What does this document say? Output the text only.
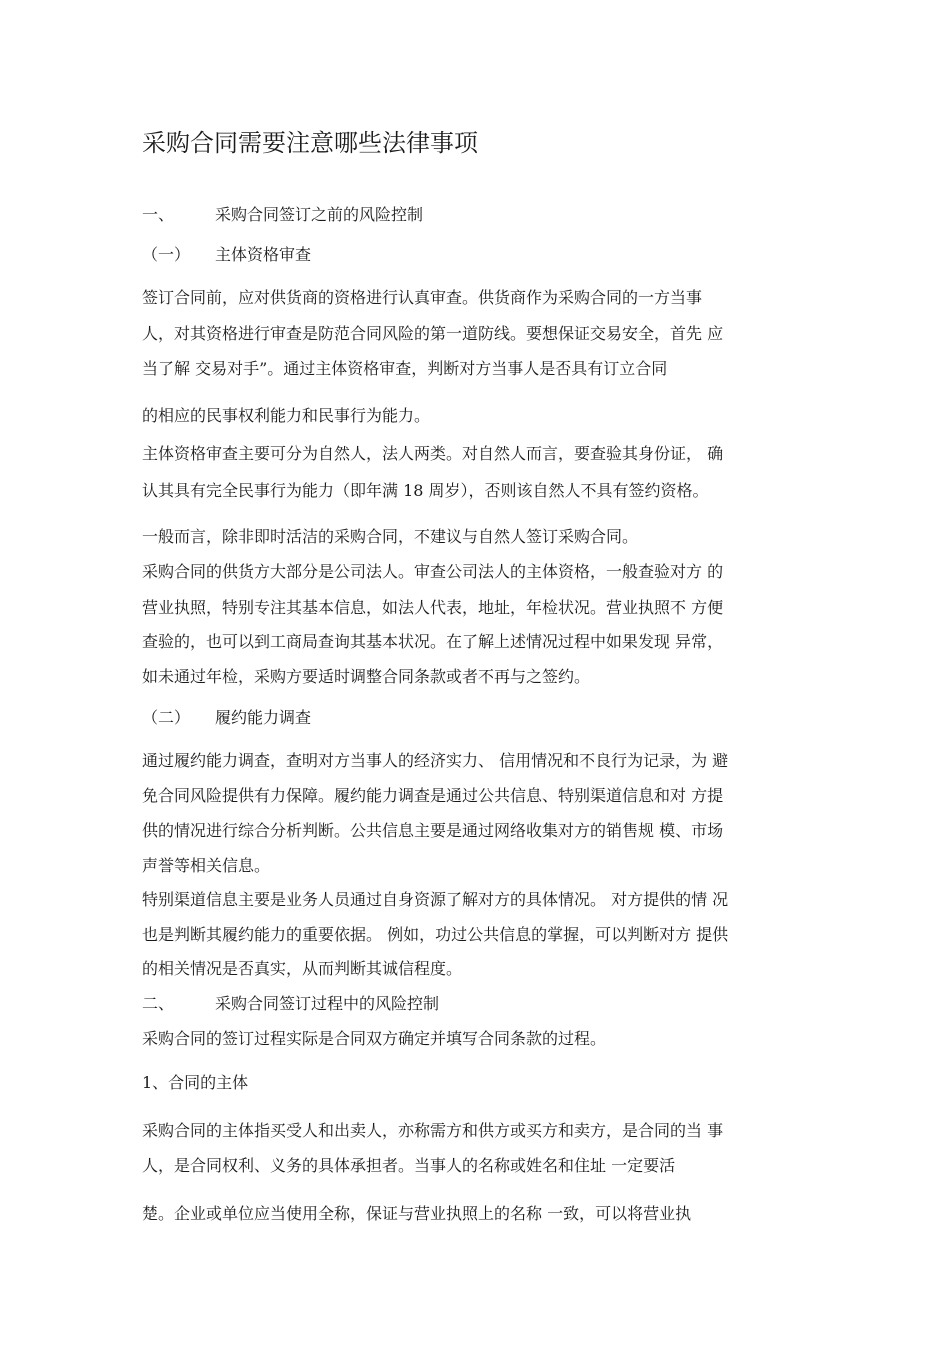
采购合同需要注意哪些法律事项
一、	采购合同签订之前的风险控制
（一） 主体资格审查
签订合同前，应对供货商的资格进行认真审查。供货商作为采购合同的一方当事
人，对其资格进行审查是防范合同风险的第一道防线。要想保证交易安全，首先 应
当了解 交易对手”。通过主体资格审查，判断对方当事人是否具有订立合同
的相应的民事权利能力和民事行为能力。
主体资格审查主要可分为自然人，法人两类。对自然人而言，要查验其身份证， 确
认其具有完全民事行为能力（即年满 18 周岁），否则该自然人不具有签约资格。
一般而言，除非即时活洁的采购合同，不建议与自然人签订采购合同。
采购合同的供货方大部分是公司法人。审查公司法人的主体资格，一般查验对方 的
营业执照，特别专注其基本信息，如法人代表，地址，年检状况。营业执照不 方便
查验的，也可以到工商局查询其基本状况。在了解上述情况过程中如果发现 异常，
如未通过年检，采购方要适时调整合同条款或者不再与之签约。
（二） 履约能力调查
通过履约能力调查，查明对方当事人的经济实力、 信用情况和不良行为记录，为 避
免合同风险提供有力保障。履约能力调查是通过公共信息、特别渠道信息和对 方提
供的情况进行综合分析判断。公共信息主要是通过网络收集对方的销售规 模、市场
声誉等相关信息。
特别渠道信息主要是业务人员通过自身资源了解对方的具体情况。 对方提供的情 况
也是判断其履约能力的重要依据。 例如，功过公共信息的掌握，可以判断对方 提供
的相关情况是否真实，从而判断其诚信程度。
二、	采购合同签订过程中的风险控制
采购合同的签订过程实际是合同双方确定并填写合同条款的过程。
1、合同的主体
采购合同的主体指买受人和出卖人，亦称需方和供方或买方和卖方，是合同的当 事
人，是合同权利、义务的具体承担者。当事人的名称或姓名和住址 一定要活
楚。企业或单位应当使用全称，保证与营业执照上的名称 一致，可以将营业执
